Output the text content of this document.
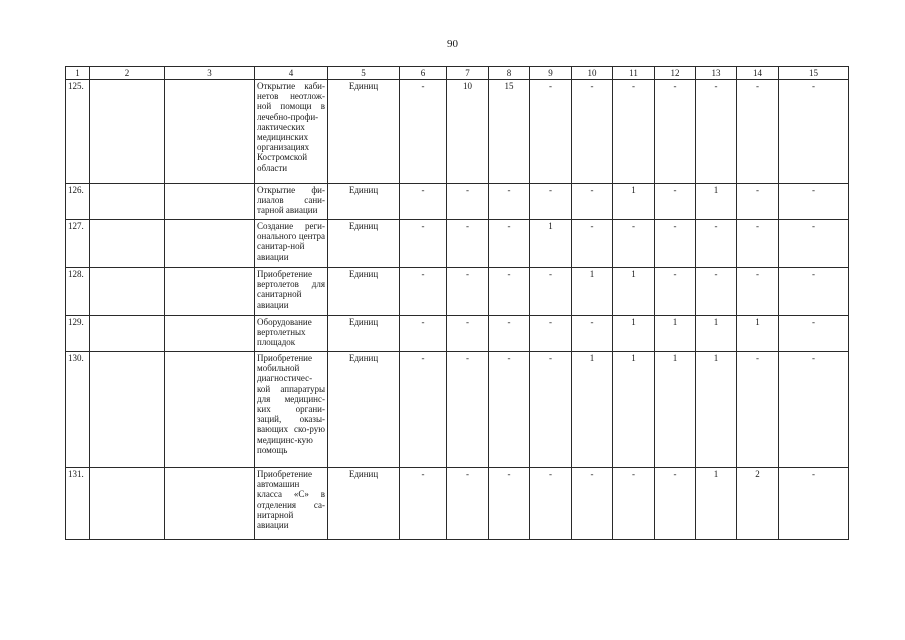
90
1	2	3	4	5	6	7	8	9	10	11	12	13	14	15
125.			Открытие каби-нетов неотлож-ной помощи в лечебно-профи-лактических медицинских организациях Костромской области	Единиц	-	10	15	-	-	-	-	-	-	-
126.			Открытие фи-лиалов сани-тарной авиации	Единиц	-	-	-	-	-	1	-	1	-	-
127.			Создание реги-онального центра санитар-ной авиации	Единиц	-	-	-	1	-	-	-	-	-	-
128.			Приобретение вертолетов для санитарной авиации	Единиц	-	-	-	-	1	1	-	-	-	-
129.			Оборудование вертолетных площадок	Единиц	-	-	-	-	-	1	1	1	1	-
130.			Приобретение мобильной диагностичес-кой аппаратуры для медицинс-ких органи-заций, оказы-вающих ско-рую медицинс-кую помощь	Единиц	-	-	-	-	1	1	1	1	-	-
131.			Приобретение автомашин класса «С» в отделения са-нитарной авиации	Единиц	-	-	-	-	-	-	-	1	2	-
